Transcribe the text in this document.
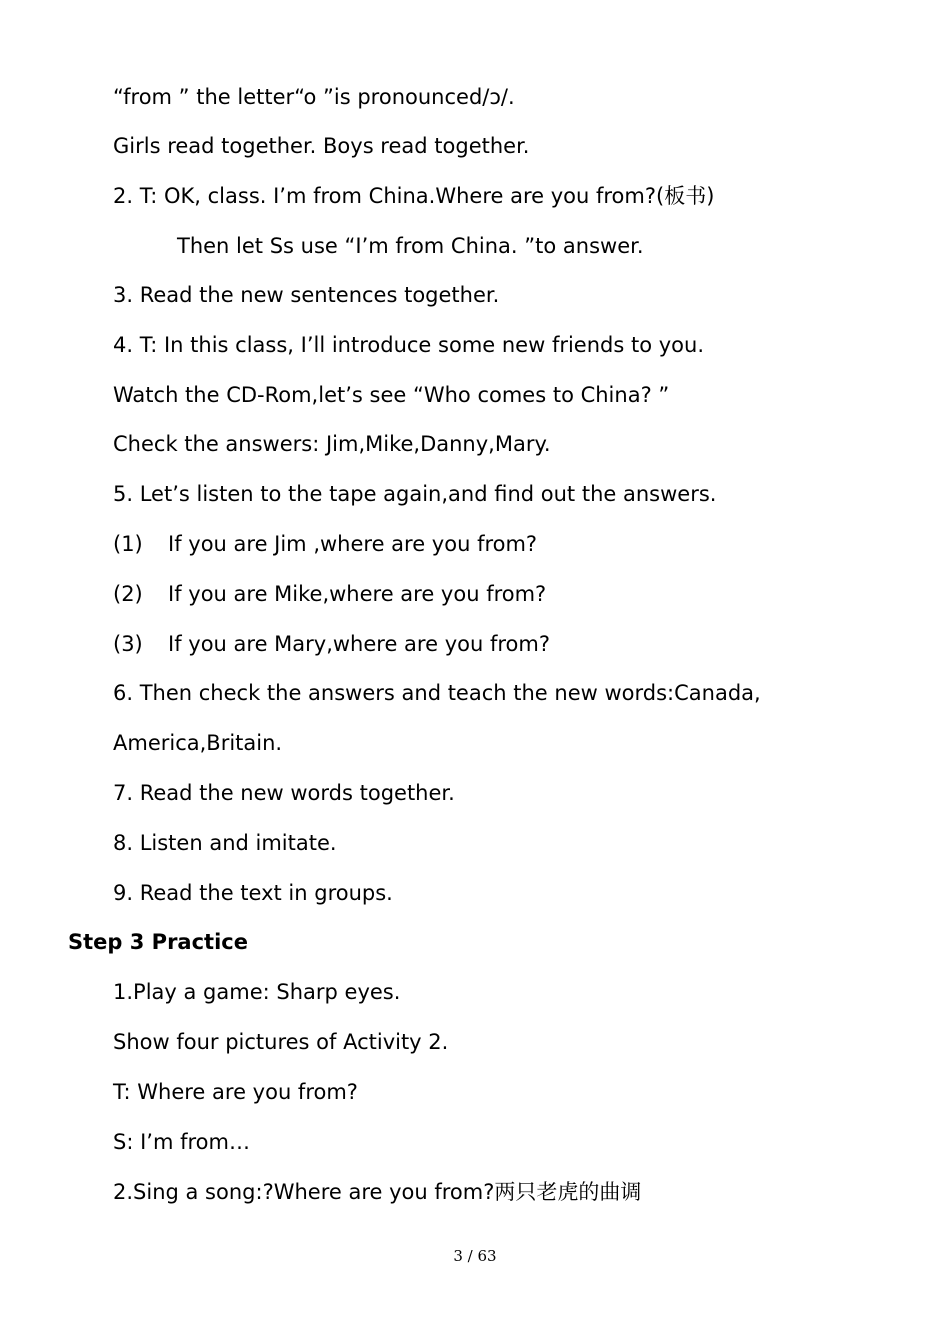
“from ” the letter“o ”is pronounced/ɔ/.
Girls read together. Boys read together.
2. T: OK, class. I’m from China.Where are you from?(板书)
Then let Ss use “I’m from China. ”to answer.
3. Read the new sentences together.
4. T: In this class, I’ll introduce some new friends to you.
Watch the CD-Rom,let’s see “Who comes to China? ”
Check the answers: Jim,Mike,Danny,Mary.
5. Let’s listen to the tape again,and find out the answers.
(1) If you are Jim ,where are you from?
(2) If you are Mike,where are you from?
(3) If you are Mary,where are you from?
6. Then check the answers and teach the new words:Canada,
America,Britain.
7. Read the new words together.
8. Listen and imitate.
9. Read the text in groups.
Step 3 Practice
1.Play a game: Sharp eyes.
Show four pictures of Activity 2.
T: Where are you from?
S: I’m from…
2.Sing a song:?Where are you from?两只老虎的曲调
3 / 63
